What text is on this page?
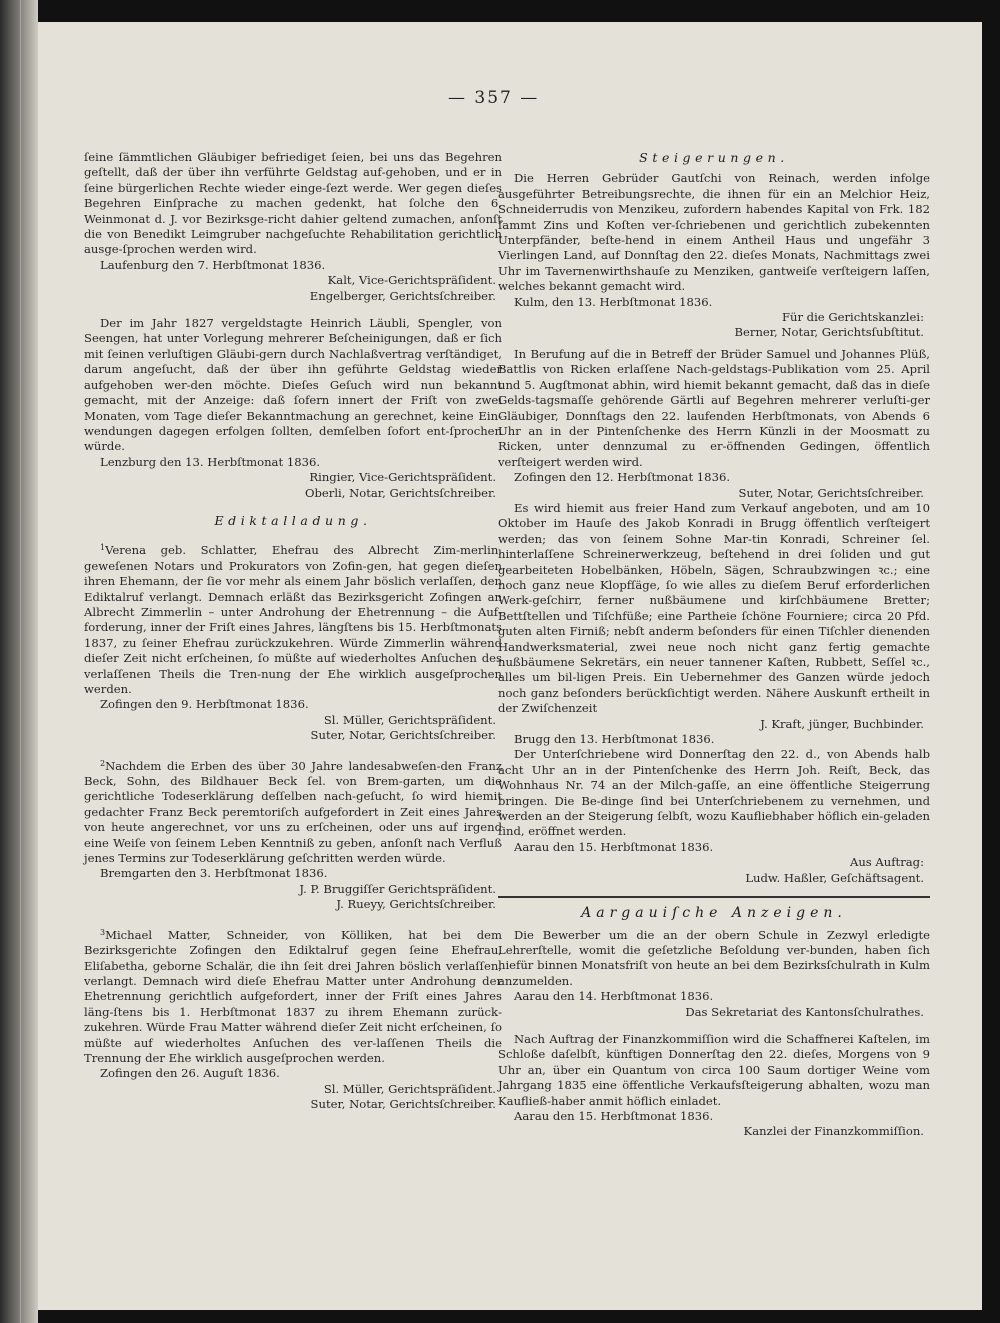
— 357 —

ſeine ſämmtlichen Gläubiger befriediget ſeien, bei uns das Begehren geſtellt, daß der über ihn verführte Geldstag auf‐gehoben, und er in ſeine bürgerlichen Rechte wieder einge‐ſezt werde. Wer gegen dieſes Begehren Einſprache zu machen gedenkt, hat ſolche den 6. Weinmonat d. J. vor Bezirksge‐richt dahier geltend zumachen, anſonſt die von Benedikt Leimgruber nachgeſuchte Rehabilitation gerichtlich ausge‐ſprochen werden wird.

Laufenburg den 7. Herbſtmonat 1836.

Kalt, Vice‐Gerichtspräſident.

Engelberger, Gerichtsſchreiber.

Der im Jahr 1827 vergeldstagte Heinrich Läubli, Spengler, von Seengen, hat unter Vorlegung mehrerer Beſcheinigungen, daß er ſich mit ſeinen verluſtigen Gläubi‐gern durch Nachlaßvertrag verſtändiget, darum angeſucht, daß der über ihn geführte Geldstag wieder aufgehoben wer‐den möchte. Dieſes Geſuch wird nun bekannt gemacht, mit der Anzeige: daß ſofern innert der Friſt von zwei Monaten, vom Tage dieſer Bekanntmachung an gerechnet, keine Ein‐wendungen dagegen erfolgen ſollten, demſelben ſofort ent‐ſprochen würde.

Lenzburg den 13. Herbſtmonat 1836.

Ringier, Vice‐Gerichtspräſident.

Oberli, Notar, Gerichtsſchreiber.

Ediktalladung.

$^1$Verena geb. Schlatter, Ehefrau des Albrecht Zim‐merlin, geweſenen Notars und Prokurators von Zofin‐gen, hat gegen dieſen ihren Ehemann, der ſie vor mehr als einem Jahr böslich verlaſſen, den Ediktalruf verlangt. Demnach erläßt das Bezirksgericht Zofingen an Albrecht Zimmerlin – unter Androhung der Ehetrennung – die Auf‐forderung, inner der Friſt eines Jahres, längſtens bis 15. Herbſtmonats 1837, zu ſeiner Ehefrau zurückzukehren. Würde Zimmerlin während dieſer Zeit nicht erſcheinen, ſo müßte auf wiederholtes Anſuchen des verlaſſenen Theils die Tren‐nung der Ehe wirklich ausgeſprochen werden.

Zofingen den 9. Herbſtmonat 1836.

Sl. Müller, Gerichtspräſident.

Suter, Notar, Gerichtsſchreiber.

$^2$Nachdem die Erben des über 30 Jahre landesabweſen‐den Franz Beck, Sohn, des Bildhauer Beck ſel. von Brem‐garten, um die gerichtliche Todeserklärung deſſelben nach‐geſucht, ſo wird hiemit gedachter Franz Beck peremtoriſch aufgefordert in Zeit eines Jahres von heute angerechnet, vor uns zu erſcheinen, oder uns auf irgend eine Weiſe von ſeinem Leben Kenntniß zu geben, anſonſt nach Verfluß jenes Termins zur Todeserklärung geſchritten werden würde.

Bremgarten den 3. Herbſtmonat 1836.

J. P. Bruggiſſer Gerichtspräſident.

J. Rueyy, Gerichtsſchreiber.

$^3$Michael Matter, Schneider, von Kölliken, hat bei dem Bezirksgerichte Zofingen den Ediktalruf gegen ſeine Ehefrau, Eliſabetha, geborne Schalär, die ihn ſeit drei Jahren böslich verlaſſen, verlangt. Demnach wird dieſe Ehefrau Matter unter Androhung der Ehetrennung gerichtlich aufgefordert, inner der Friſt eines Jahres läng‐ſtens bis 1. Herbſtmonat 1837 zu ihrem Ehemann zurück‐zukehren. Würde Frau Matter während dieſer Zeit nicht erſcheinen, ſo müßte auf wiederholtes Anſuchen des ver‐laſſenen Theils die Trennung der Ehe wirklich ausgeſprochen werden.

Zofingen den 26. Auguſt 1836.

Sl. Müller, Gerichtspräſident.

Suter, Notar, Gerichtsſchreiber.

Steigerungen.

Die Herren Gebrüder Gautſchi von Reinach, werden infolge ausgeführter Betreibungsrechte, die ihnen für ein an Melchior Heiz, Schneiderrudis von Menzikeu, zufordern habendes Kapital von Frk. 182 ſammt Zins und Koſten ver‐ſchriebenen und gerichtlich zubekennten Unterpfänder, beſte‐hend in einem Antheil Haus und ungefähr 3 Vierlingen Land, auf Donnſtag den 22. dieſes Monats, Nachmittags zwei Uhr im Tavernenwirthshauſe zu Menziken, gantweiſe verſteigern laſſen, welches bekannt gemacht wird.

Kulm, den 13. Herbſtmonat 1836.

Für die Gerichtskanzlei:

Berner, Notar, Gerichtsſubſtitut.

In Berufung auf die in Betreff der Brüder Samuel und Johannes Plüß, Battlis von Ricken erlaſſene Nach‐geldstags‐Publikation vom 25. April und 5. Augſtmonat abhin, wird hiemit bekannt gemacht, daß das in dieſe Gelds‐tagsmaſſe gehörende Gärtli auf Begehren mehrerer verluſti‐ger Gläubiger, Donnſtags den 22. laufenden Herbſtmonats, von Abends 6 Uhr an in der Pintenſchenke des Herrn Künzli in der Moosmatt zu Ricken, unter dennzumal zu er‐öffnenden Gedingen, öffentlich verſteigert werden wird.

Zofingen den 12. Herbſtmonat 1836.

Suter, Notar, Gerichtsſchreiber.

Es wird hiemit aus freier Hand zum Verkauf angeboten, und am 10 Oktober im Hauſe des Jakob Konradi in Brugg öffentlich verſteigert werden; das von ſeinem Sohne Mar‐tin Konradi, Schreiner ſel. hinterlaſſene Schreinerwerkzeug, beſtehend in drei ſoliden und gut gearbeiteten Hobelbänken, Höbeln, Sägen, Schraubzwingen ꝛc.; eine noch ganz neue Klopfſäge, ſo wie alles zu dieſem Beruf erforderlichen Werk‐geſchirr, ferner nußbäumene und kirſchbäumene Bretter; Bettſtellen und Tiſchfüße; eine Partheie ſchöne Fourniere; circa 20 Pfd. guten alten Firniß; nebſt anderm beſonders für einen Tiſchler dienenden Handwerksmaterial, zwei neue noch nicht ganz fertig gemachte nußbäumene Sekretärs, ein neuer tannener Kaſten, Rubbett, Seſſel ꝛc., alles um bil‐ligen Preis. Ein Uebernehmer des Ganzen würde jedoch noch ganz beſonders berückſichtigt werden. Nähere Auskunft ertheilt in der Zwiſchenzeit

J. Kraft, jünger, Buchbinder.

Brugg den 13. Herbſtmonat 1836.

Der Unterſchriebene wird Donnerſtag den 22. d., von Abends halb acht Uhr an in der Pintenſchenke des Herrn Joh. Reiſt, Beck, das Wohnhaus Nr. 74 an der Milch‐gaſſe, an eine öffentliche Steigerrung bringen. Die Be‐dinge ſind bei Unterſchriebenem zu vernehmen, und werden an der Steigerung ſelbſt, wozu Kaufliebhaber höflich ein‐geladen ſind, eröffnet werden.

Aarau den 15. Herbſtmonat 1836.

Aus Auftrag:

Ludw. Haßler, Geſchäftsagent.

Aargauiſche Anzeigen.

Die Bewerber um die an der obern Schule in Zezwyl erledigte Lehrerſtelle, womit die geſetzliche Beſoldung ver‐bunden, haben ſich hiefür binnen Monatsfriſt von heute an bei dem Bezirksſchulrath in Kulm anzumelden.

Aarau den 14. Herbſtmonat 1836.

Das Sekretariat des Kantonsſchulrathes.

Nach Auftrag der Finanzkommiſſion wird die Schaffnerei Kaſtelen, im Schloße daſelbſt, künftigen Donnerſtag den 22. dieſes, Morgens von 9 Uhr an, über ein Quantum von circa 100 Saum dortiger Weine vom Jahrgang 1835 eine öffentliche Verkaufsſteigerung abhalten, wozu man Kaufließ‐haber anmit höflich einladet.

Aarau den 15. Herbſtmonat 1836.

Kanzlei der Finanzkommiſſion.
